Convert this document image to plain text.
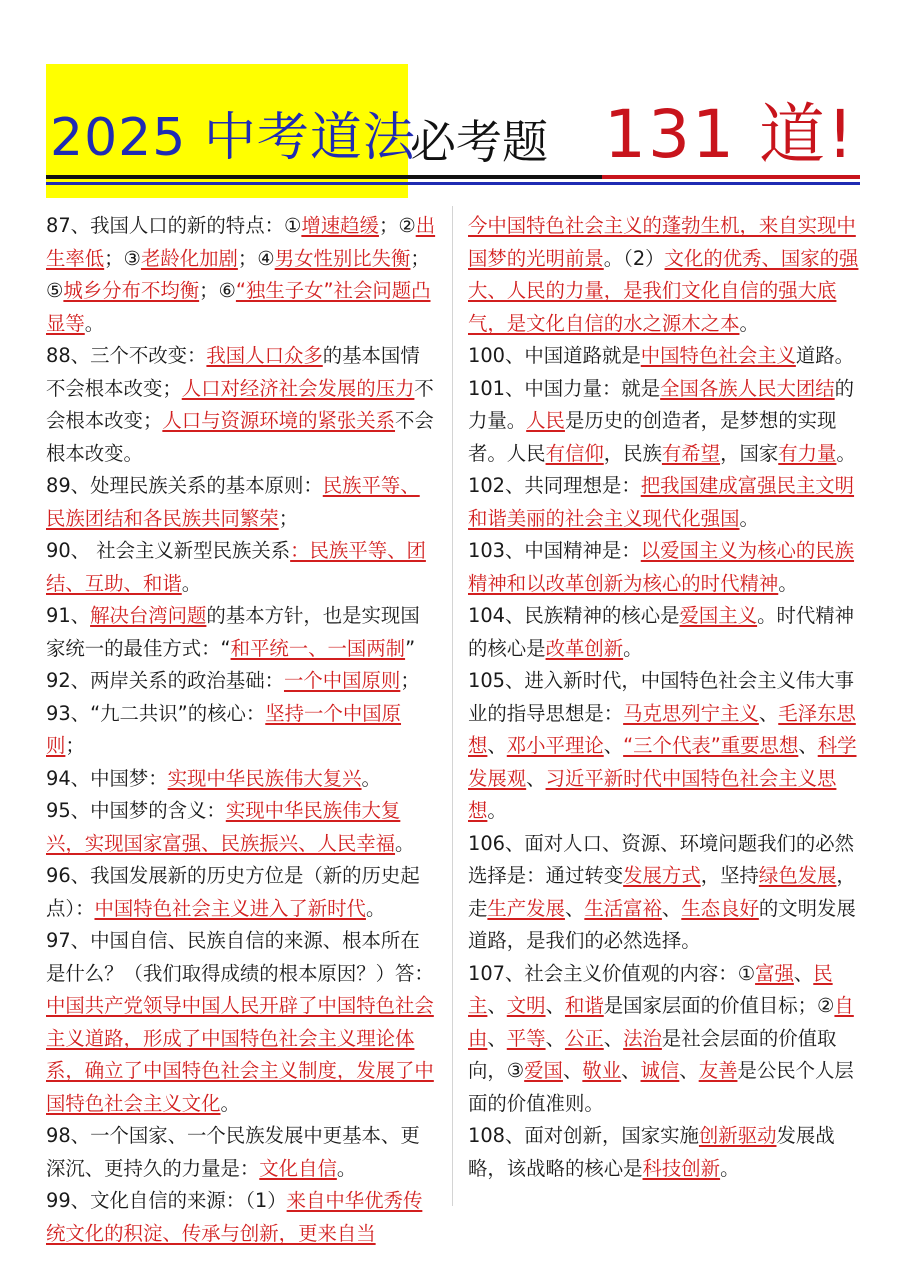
2025 中考道法
必考题 131 道!

87、我国人口的新的特点：①增速趋缓；②出生率低；③老龄化加剧；④男女性别比失衡；⑤城乡分布不均衡；⑥“独生子女”社会问题凸显等。

88、三个不改变：我国人口众多的基本国情不会根本改变；人口对经济社会发展的压力不会根本改变；人口与资源环境的紧张关系不会根本改变。

89、处理民族关系的基本原则：民族平等、民族团结和各民族共同繁荣；

90、 社会主义新型民族关系：民族平等、团结、互助、和谐。

91、解决台湾问题的基本方针，也是实现国家统一的最佳方式：“和平统一、一国两制”

92、两岸关系的政治基础：一个中国原则；

93、“九二共识”的核心：坚持一个中国原则；

94、中国梦：实现中华民族伟大复兴。

95、中国梦的含义：实现中华民族伟大复兴，实现国家富强、民族振兴、人民幸福。

96、我国发展新的历史方位是（新的历史起点）：中国特色社会主义进入了新时代。

97、中国自信、民族自信的来源、根本所在是什么？（我们取得成绩的根本原因？）答：中国共产党领导中国人民开辟了中国特色社会主义道路，形成了中国特色社会主义理论体系，确立了中国特色社会主义制度，发展了中国特色社会主义文化。

98、一个国家、一个民族发展中更基本、更深沉、更持久的力量是：文化自信。

99、文化自信的来源：（1）来自中华优秀传统文化的积淀、传承与创新，更来自当

今中国特色社会主义的蓬勃生机，来自实现中国梦的光明前景。（2）文化的优秀、国家的强大、人民的力量，是我们文化自信的强大底气，是文化自信的水之源木之本。

100、中国道路就是中国特色社会主义道路。

101、中国力量：就是全国各族人民大团结的力量。人民是历史的创造者，是梦想的实现者。人民有信仰，民族有希望，国家有力量。

102、共同理想是：把我国建成富强民主文明和谐美丽的社会主义现代化强国。

103、中国精神是：以爱国主义为核心的民族精神和以改革创新为核心的时代精神。

104、民族精神的核心是爱国主义。时代精神的核心是改革创新。

105、进入新时代，中国特色社会主义伟大事业的指导思想是：马克思列宁主义、毛泽东思想、邓小平理论、“三个代表”重要思想、科学发展观、习近平新时代中国特色社会主义思想。

106、面对人口、资源、环境问题我们的必然选择是：通过转变发展方式，坚持绿色发展，走生产发展、生活富裕、生态良好的文明发展道路，是我们的必然选择。

107、社会主义价值观的内容：①富强、民主、文明、和谐是国家层面的价值目标；②自由、平等、公正、法治是社会层面的价值取向，③爱国、敬业、诚信、友善是公民个人层面的价值准则。

108、面对创新，国家实施创新驱动发展战略，该战略的核心是科技创新。
